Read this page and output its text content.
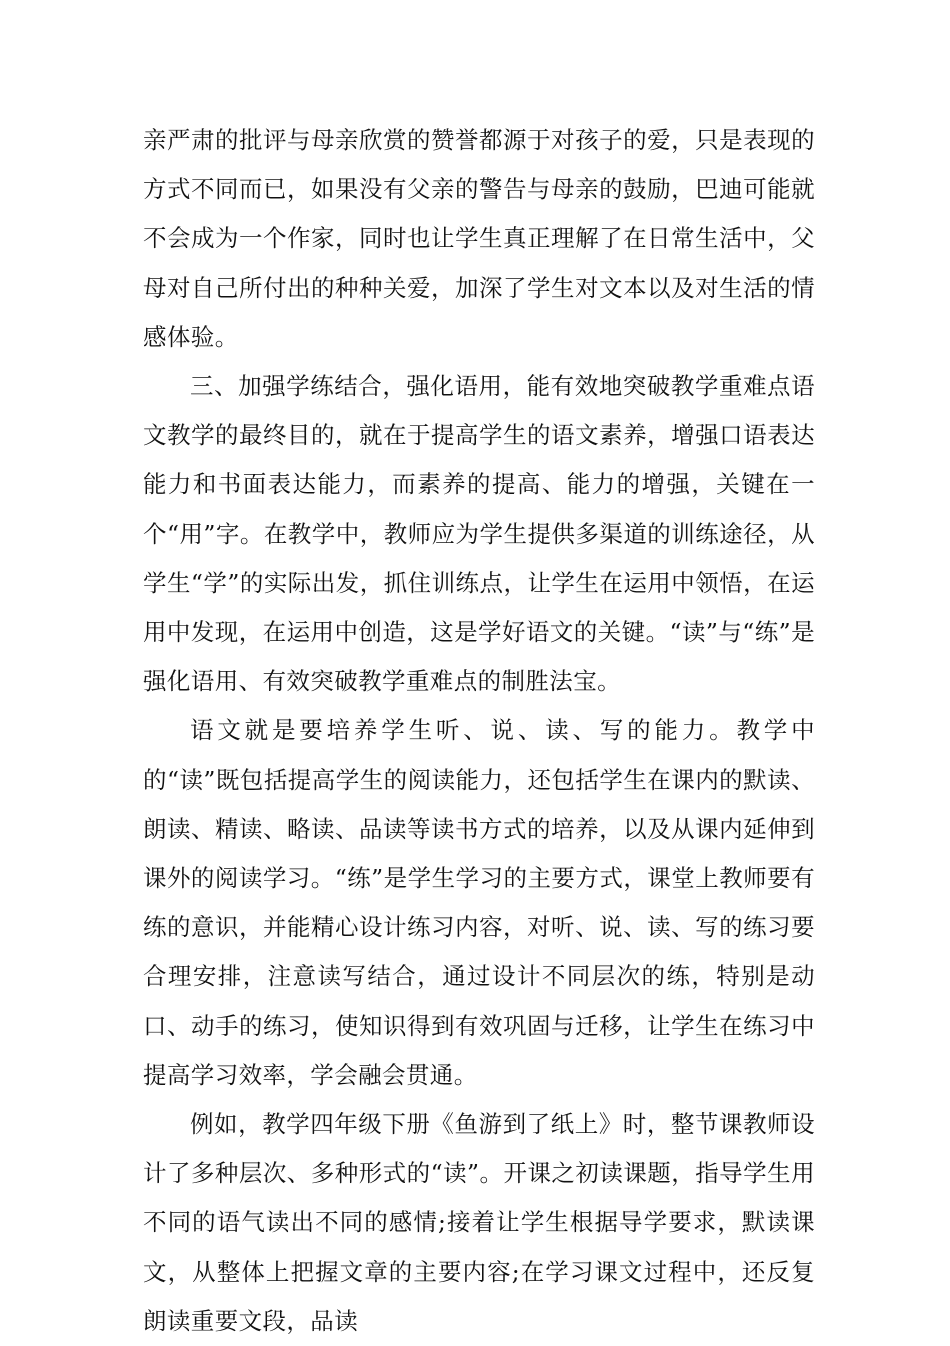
亲严肃的批评与母亲欣赏的赞誉都源于对孩子的爱，只是表现的方式不同而已，如果没有父亲的警告与母亲的鼓励，巴迪可能就不会成为一个作家，同时也让学生真正理解了在日常生活中，父母对自己所付出的种种关爱，加深了学生对文本以及对生活的情感体验。

三、加强学练结合，强化语用，能有效地突破教学重难点语文教学的最终目的，就在于提高学生的语文素养，增强口语表达能力和书面表达能力，而素养的提高、能力的增强，关键在一个“用”字。在教学中，教师应为学生提供多渠道的训练途径，从学生“学”的实际出发，抓住训练点，让学生在运用中领悟，在运用中发现，在运用中创造，这是学好语文的关键。“读”与“练”是强化语用、有效突破教学重难点的制胜法宝。

语文就是要培养学生听、说、读、写的能力。教学中的“读”既包括提高学生的阅读能力，还包括学生在课内的默读、朗读、精读、略读、品读等读书方式的培养，以及从课内延伸到课外的阅读学习。“练”是学生学习的主要方式，课堂上教师要有练的意识，并能精心设计练习内容，对听、说、读、写的练习要合理安排，注意读写结合，通过设计不同层次的练，特别是动口、动手的练习，使知识得到有效巩固与迁移，让学生在练习中提高学习效率，学会融会贯通。

例如，教学四年级下册《鱼游到了纸上》时，整节课教师设计了多种层次、多种形式的“读”。开课之初读课题，指导学生用不同的语气读出不同的感情;接着让学生根据导学要求，默读课文，从整体上把握文章的主要内容;在学习课文过程中，还反复朗读重要文段，品读
